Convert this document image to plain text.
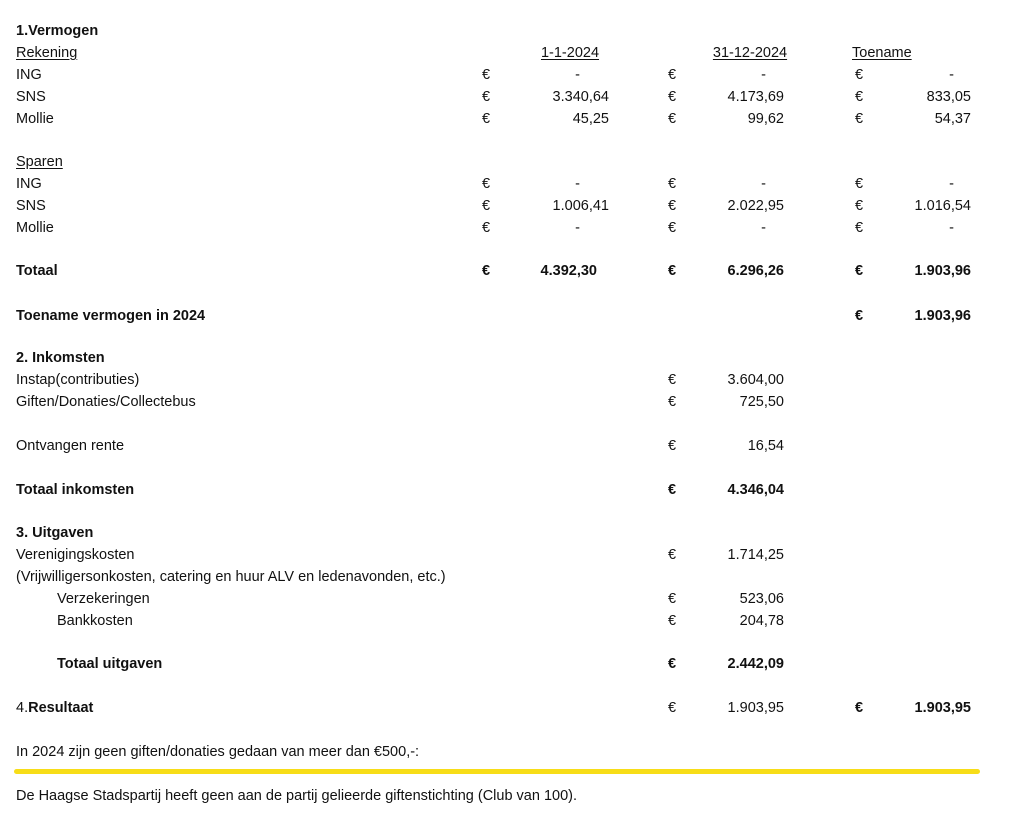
1.Vermogen
Rekening	1-1-2024	31-12-2024	Toename
ING	€	-	€	-	€	-
SNS	€	3.340,64	€	4.173,69	€	833,05
Mollie	€	45,25	€	99,62	€	54,37
Sparen
ING	€	-	€	-	€	-
SNS	€	1.006,41	€	2.022,95	€	1.016,54
Mollie	€	-	€	-	€	-
Totaal	€	4.392,30	€	6.296,26	€	1.903,96
Toename vermogen in 2024	€	1.903,96
2. Inkomsten
Instap(contributies)	€	3.604,00
Giften/Donaties/Collectebus	€	725,50
Ontvangen rente	€	16,54
Totaal inkomsten	€	4.346,04
3. Uitgaven
Verenigingskosten	€	1.714,25
(Vrijwilligersonkosten, catering en huur ALV en ledenavonden, etc.)
Verzekeringen	€	523,06
Bankkosten	€	204,78
Totaal uitgaven	€	2.442,09
4.Resultaat	€	1.903,95	€	1.903,95
In 2024 zijn geen giften/donaties gedaan van meer dan €500,-:
De Haagse Stadspartij heeft geen aan de partij gelieerde giftenstichting (Club van 100).
